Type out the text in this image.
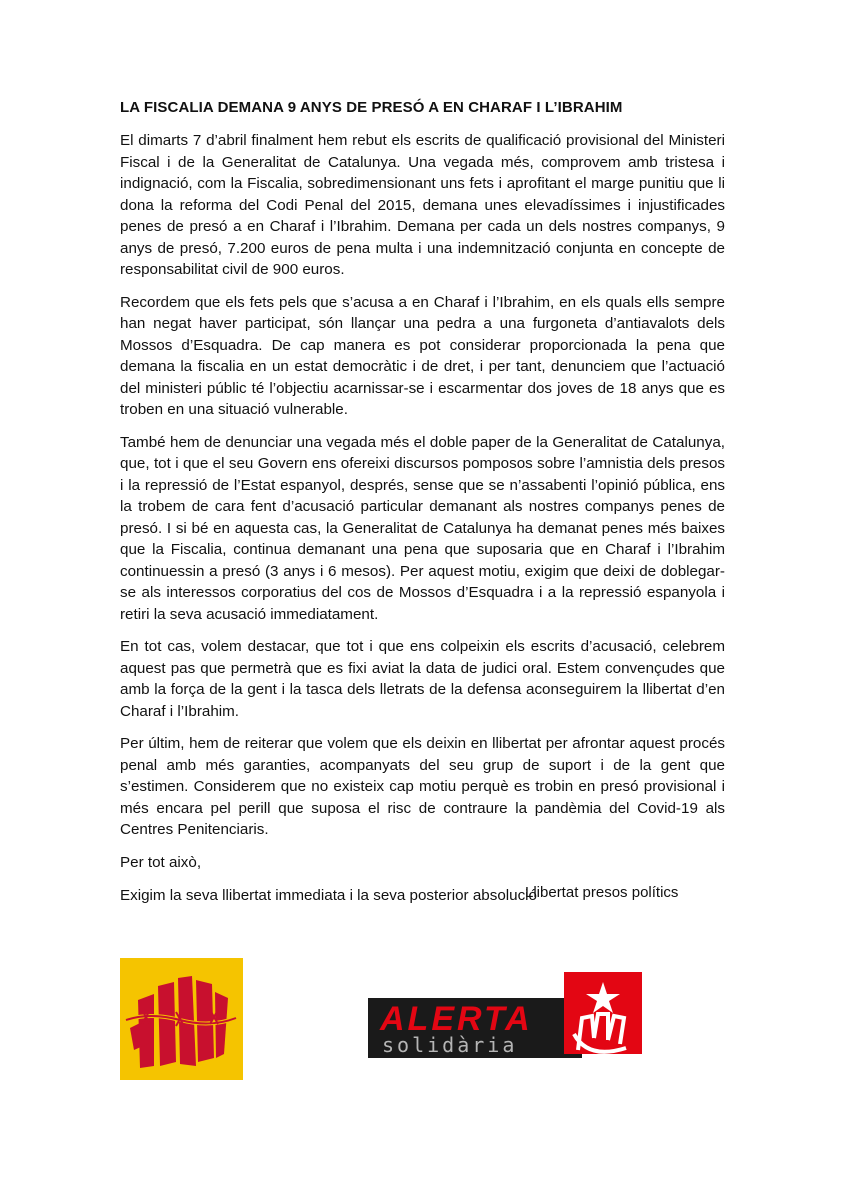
LA FISCALIA DEMANA 9 ANYS DE PRESÓ A EN CHARAF I L’IBRAHIM

El dimarts 7 d’abril finalment hem rebut els escrits de qualificació provisional del Ministeri Fiscal i de la Generalitat de Catalunya. Una vegada més, comprovem amb tristesa i indignació, com la Fiscalia, sobredimensionant uns fets i aprofitant el marge punitiu que li dona la reforma del Codi Penal del 2015, demana unes elevadíssimes i injustificades penes de presó a en Charaf i l’Ibrahim. Demana per cada un dels nostres companys, 9 anys de presó, 7.200 euros de pena multa i una indemnització conjunta en concepte de responsabilitat civil de 900 euros.

Recordem que els fets pels que s’acusa a en Charaf i l’Ibrahim, en els quals ells sempre han negat haver participat, són llançar una pedra a una furgoneta d’antiavalots dels Mossos d’Esquadra. De cap manera es pot considerar proporcionada la pena que demana la fiscalia en un estat democràtic i de dret, i per tant, denunciem que l’actuació del ministeri públic té l’objectiu acarnissar-se i escarmentar dos joves de 18 anys que es troben en una situació vulnerable.

També hem de denunciar una vegada més el doble paper de la Generalitat de Catalunya, que, tot i que el seu Govern ens ofereixi discursos pomposos sobre l’amnistia dels presos i la repressió de l’Estat espanyol, després, sense que se n’assabenti l’opinió pública, ens la trobem de cara fent d’acusació particular demanant als nostres companys penes de presó. I si bé en aquesta cas, la Generalitat de Catalunya ha demanat penes més baixes que la Fiscalia, continua demanant una pena que suposaria que en Charaf i l’Ibrahim continuessin a presó (3 anys i 6 mesos). Per aquest motiu, exigim que deixi de doblegar-se als interessos corporatius del cos de Mossos d’Esquadra i a la repressió espanyola i retiri la seva acusació immediatament.

En tot cas, volem destacar, que tot i que ens colpeixin els escrits d’acusació, celebrem aquest pas que permetrà que es fixi aviat la data de judici oral. Estem convençudes que amb la força de la gent i la tasca dels lletrats de la defensa aconseguirem la llibertat d’en Charaf i l’Ibrahim.

Per últim, hem de reiterar que volem que els deixin en llibertat per afrontar aquest procés penal amb més garanties, acompanyats del seu grup de suport i de la gent que s’estimen. Considerem que no existeix cap motiu perquè es trobin en presó provisional i més encara pel perill que suposa el risc de contraure la pandèmia del Covid-19 als Centres Penitenciaris.

Per tot això,

Exigim la seva llibertat immediata i la seva posterior absolució

Llibertat presos polítics
ALERTA
solidària
